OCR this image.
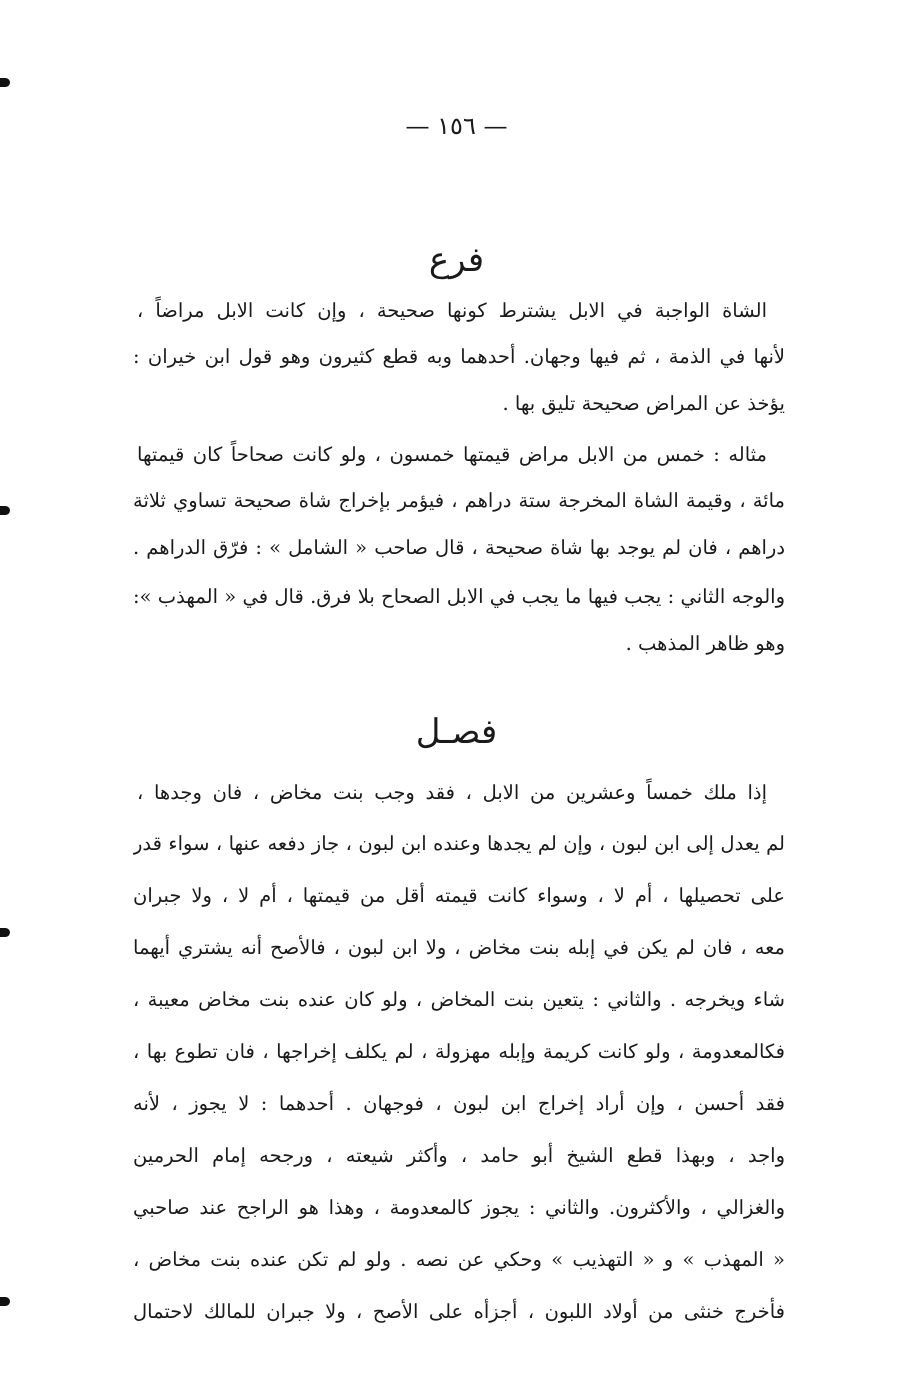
— ١٥٦ —
فرع
الشاة الواجبة في الابل يشترط كونها صحيحة ، وإن كانت الابل مراضاً ،
لأنها في الذمة ، ثم فيها وجهان. أحدهما وبه قطع كثيرون وهو قول ابن خيران :
يؤخذ عن المراض صحيحة تليق بها .
مثاله : خمس من الابل مراض قيمتها خمسون ، ولو كانت صحاحاً كان قيمتها
مائة ، وقيمة الشاة المخرجة ستة دراهم ، فيؤمر بإخراج شاة صحيحة تساوي ثلاثة
دراهم ، فان لم يوجد بها شاة صحيحة ، قال صاحب « الشامل » : فرّق الدراهم .
والوجه الثاني : يجب فيها ما يجب في الابل الصحاح بلا فرق. قال في « المهذب »:
وهو ظاهر المذهب .
فصـل
إذا ملك خمساً وعشرين من الابل ، فقد وجب بنت مخاض ، فان وجدها ،
لم يعدل إلى ابن لبون ، وإن لم يجدها وعنده ابن لبون ، جاز دفعه عنها ، سواء قدر
على تحصيلها ، أم لا ، وسواء كانت قيمته أقل من قيمتها ، أم لا ، ولا جبران
معه ، فان لم يكن في إبله بنت مخاض ، ولا ابن لبون ، فالأصح أنه يشتري أيهما
شاء ويخرجه . والثاني : يتعين بنت المخاض ، ولو كان عنده بنت مخاض معيبة ،
فكالمعدومة ، ولو كانت كريمة وإبله مهزولة ، لم يكلف إخراجها ، فان تطوع بها ،
فقد أحسن ، وإن أراد إخراج ابن لبون ، فوجهان . أحدهما : لا يجوز ، لأنه
واجد ، وبهذا قطع الشيخ أبو حامد ، وأكثر شيعته ، ورجحه إمام الحرمين
والغزالي ، والأكثرون. والثاني : يجوز كالمعدومة ، وهذا هو الراجح عند صاحبي
« المهذب » و « التهذيب » وحكي عن نصه . ولو لم تكن عنده بنت مخاض ،
فأخرج خنثى من أولاد اللبون ، أجزأه على الأصح ، ولا جبران للمالك لاحتمال
